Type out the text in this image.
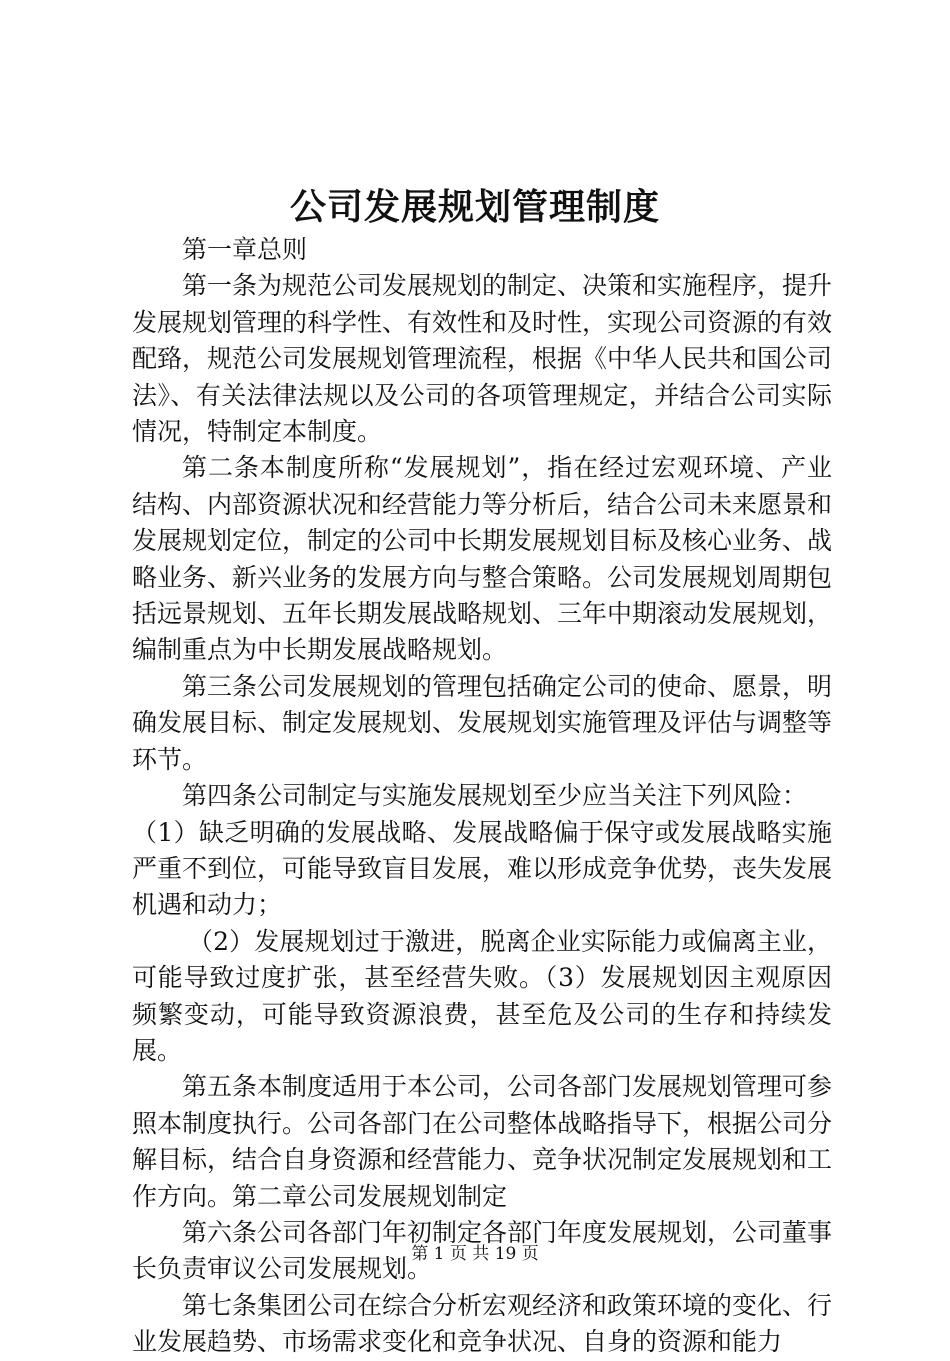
公司发展规划管理制度

第一章总则

第一条为规范公司发展规划的制定、决策和实施程序，提升发展规划管理的科学性、有效性和及时性，实现公司资源的有效配臵，规范公司发展规划管理流程，根据《中华人民共和国公司法》、有关法律法规以及公司的各项管理规定，并结合公司实际情况，特制定本制度。

第二条本制度所称“发展规划”，指在经过宏观环境、产业结构、内部资源状况和经营能力等分析后，结合公司未来愿景和发展规划定位，制定的公司中长期发展规划目标及核心业务、战略业务、新兴业务的发展方向与整合策略。公司发展规划周期包括远景规划、五年长期发展战略规划、三年中期滚动发展规划，编制重点为中长期发展战略规划。

第三条公司发展规划的管理包括确定公司的使命、愿景，明确发展目标、制定发展规划、发展规划实施管理及评估与调整等环节。

第四条公司制定与实施发展规划至少应当关注下列风险：

（1）缺乏明确的发展战略、发展战略偏于保守或发展战略实施严重不到位，可能导致盲目发展，难以形成竞争优势，丧失发展机遇和动力；

（2）发展规划过于激进，脱离企业实际能力或偏离主业，可能导致过度扩张，甚至经营失败。（3）发展规划因主观原因频繁变动，可能导致资源浪费，甚至危及公司的生存和持续发展。

第五条本制度适用于本公司，公司各部门发展规划管理可参照本制度执行。公司各部门在公司整体战略指导下，根据公司分解目标，结合自身资源和经营能力、竞争状况制定发展规划和工作方向。第二章公司发展规划制定

第六条公司各部门年初制定各部门年度发展规划，公司董事长负责审议公司发展规划。

第七条集团公司在综合分析宏观经济和政策环境的变化、行业发展趋势、市场需求变化和竞争状况、自身的资源和能力

第 1 页 共 19 页
